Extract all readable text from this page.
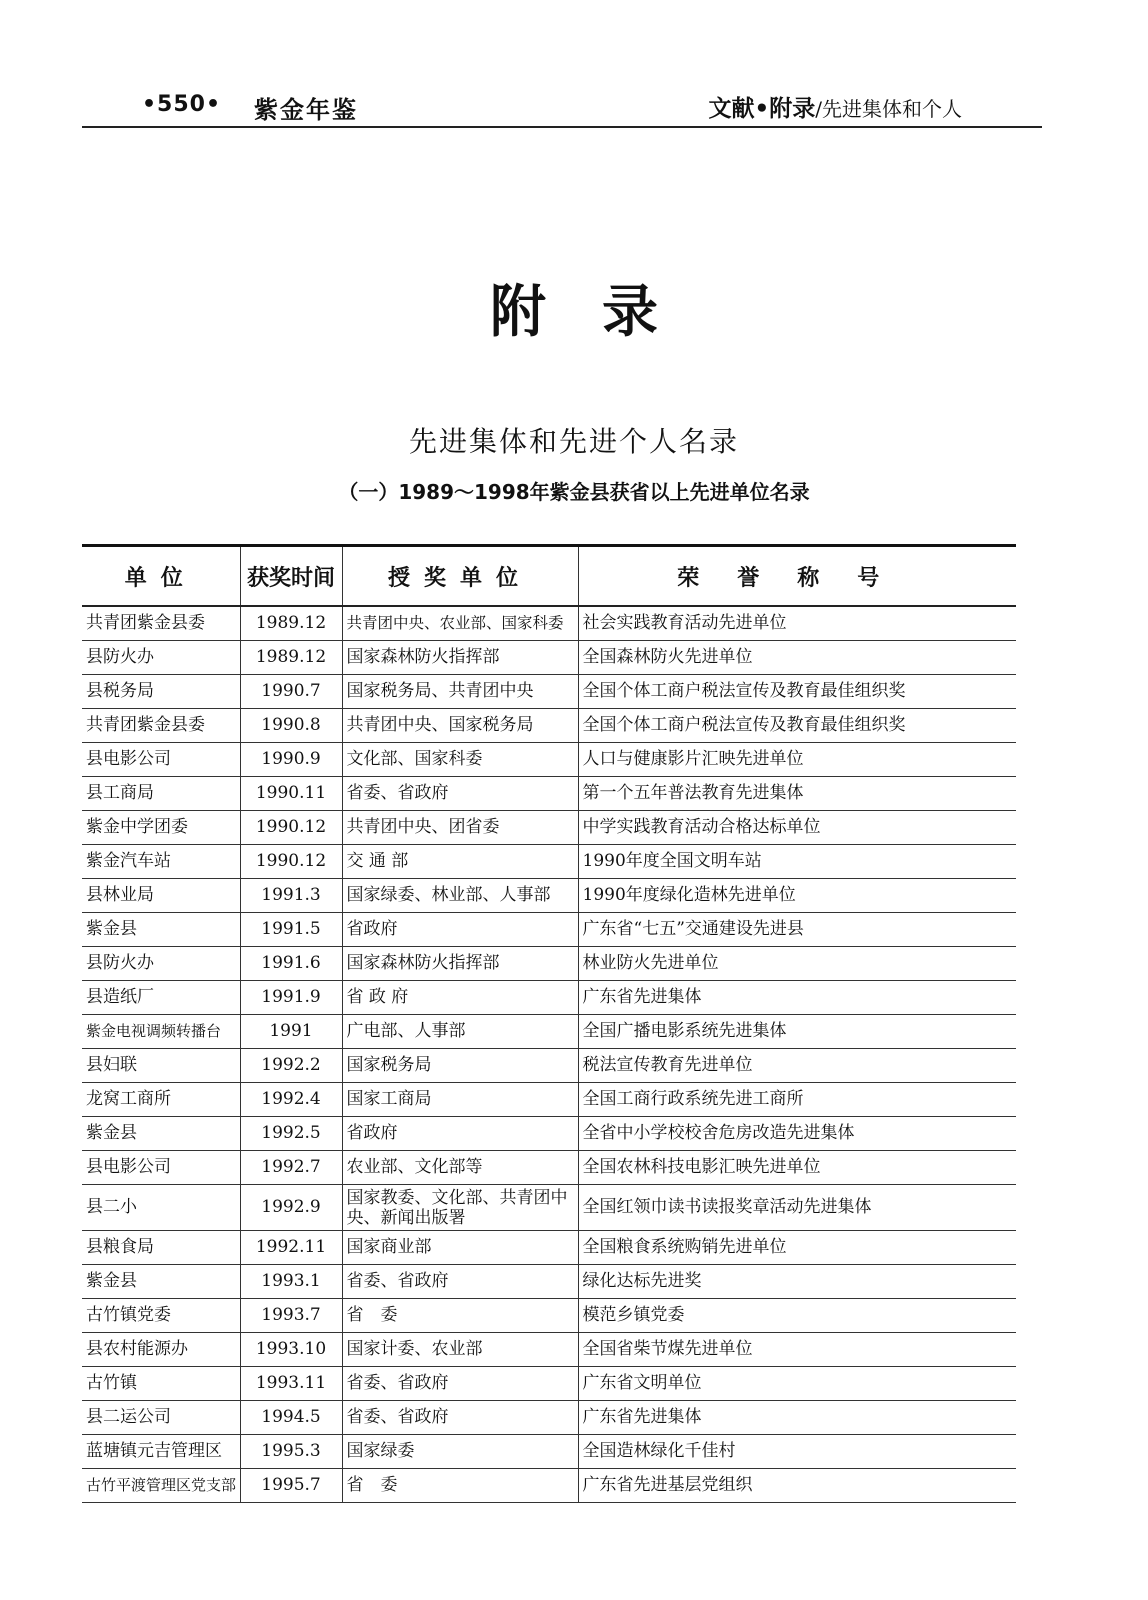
•550• 紫金年鉴	文献•附录/先进集体和个人
附录
先进集体和先进个人名录
（一）1989～1998年紫金县获省以上先进单位名录
单位	获奖时间	授奖单位	荣誉称号
共青团紫金县委	1989.12	共青团中央、农业部、国家科委	社会实践教育活动先进单位
县防火办	1989.12	国家森林防火指挥部	全国森林防火先进单位
县税务局	1990.7	国家税务局、共青团中央	全国个体工商户税法宣传及教育最佳组织奖
共青团紫金县委	1990.8	共青团中央、国家税务局	全国个体工商户税法宣传及教育最佳组织奖
县电影公司	1990.9	文化部、国家科委	人口与健康影片汇映先进单位
县工商局	1990.11	省委、省政府	第一个五年普法教育先进集体
紫金中学团委	1990.12	共青团中央、团省委	中学实践教育活动合格达标单位
紫金汽车站	1990.12	交 通 部	1990年度全国文明车站
县林业局	1991.3	国家绿委、林业部、人事部	1990年度绿化造林先进单位
紫金县	1991.5	省政府	广东省“七五”交通建设先进县
县防火办	1991.6	国家森林防火指挥部	林业防火先进单位
县造纸厂	1991.9	省 政 府	广东省先进集体
紫金电视调频转播台	1991	广电部、人事部	全国广播电影系统先进集体
县妇联	1992.2	国家税务局	税法宣传教育先进单位
龙窝工商所	1992.4	国家工商局	全国工商行政系统先进工商所
紫金县	1992.5	省政府	全省中小学校校舍危房改造先进集体
县电影公司	1992.7	农业部、文化部等	全国农林科技电影汇映先进单位
县二小	1992.9	国家教委、文化部、共青团中央、新闻出版署	全国红领巾读书读报奖章活动先进集体
县粮食局	1992.11	国家商业部	全国粮食系统购销先进单位
紫金县	1993.1	省委、省政府	绿化达标先进奖
古竹镇党委	1993.7	省　委	模范乡镇党委
县农村能源办	1993.10	国家计委、农业部	全国省柴节煤先进单位
古竹镇	1993.11	省委、省政府	广东省文明单位
县二运公司	1994.5	省委、省政府	广东省先进集体
蓝塘镇元吉管理区	1995.3	国家绿委	全国造林绿化千佳村
古竹平渡管理区党支部	1995.7	省　委	广东省先进基层党组织
